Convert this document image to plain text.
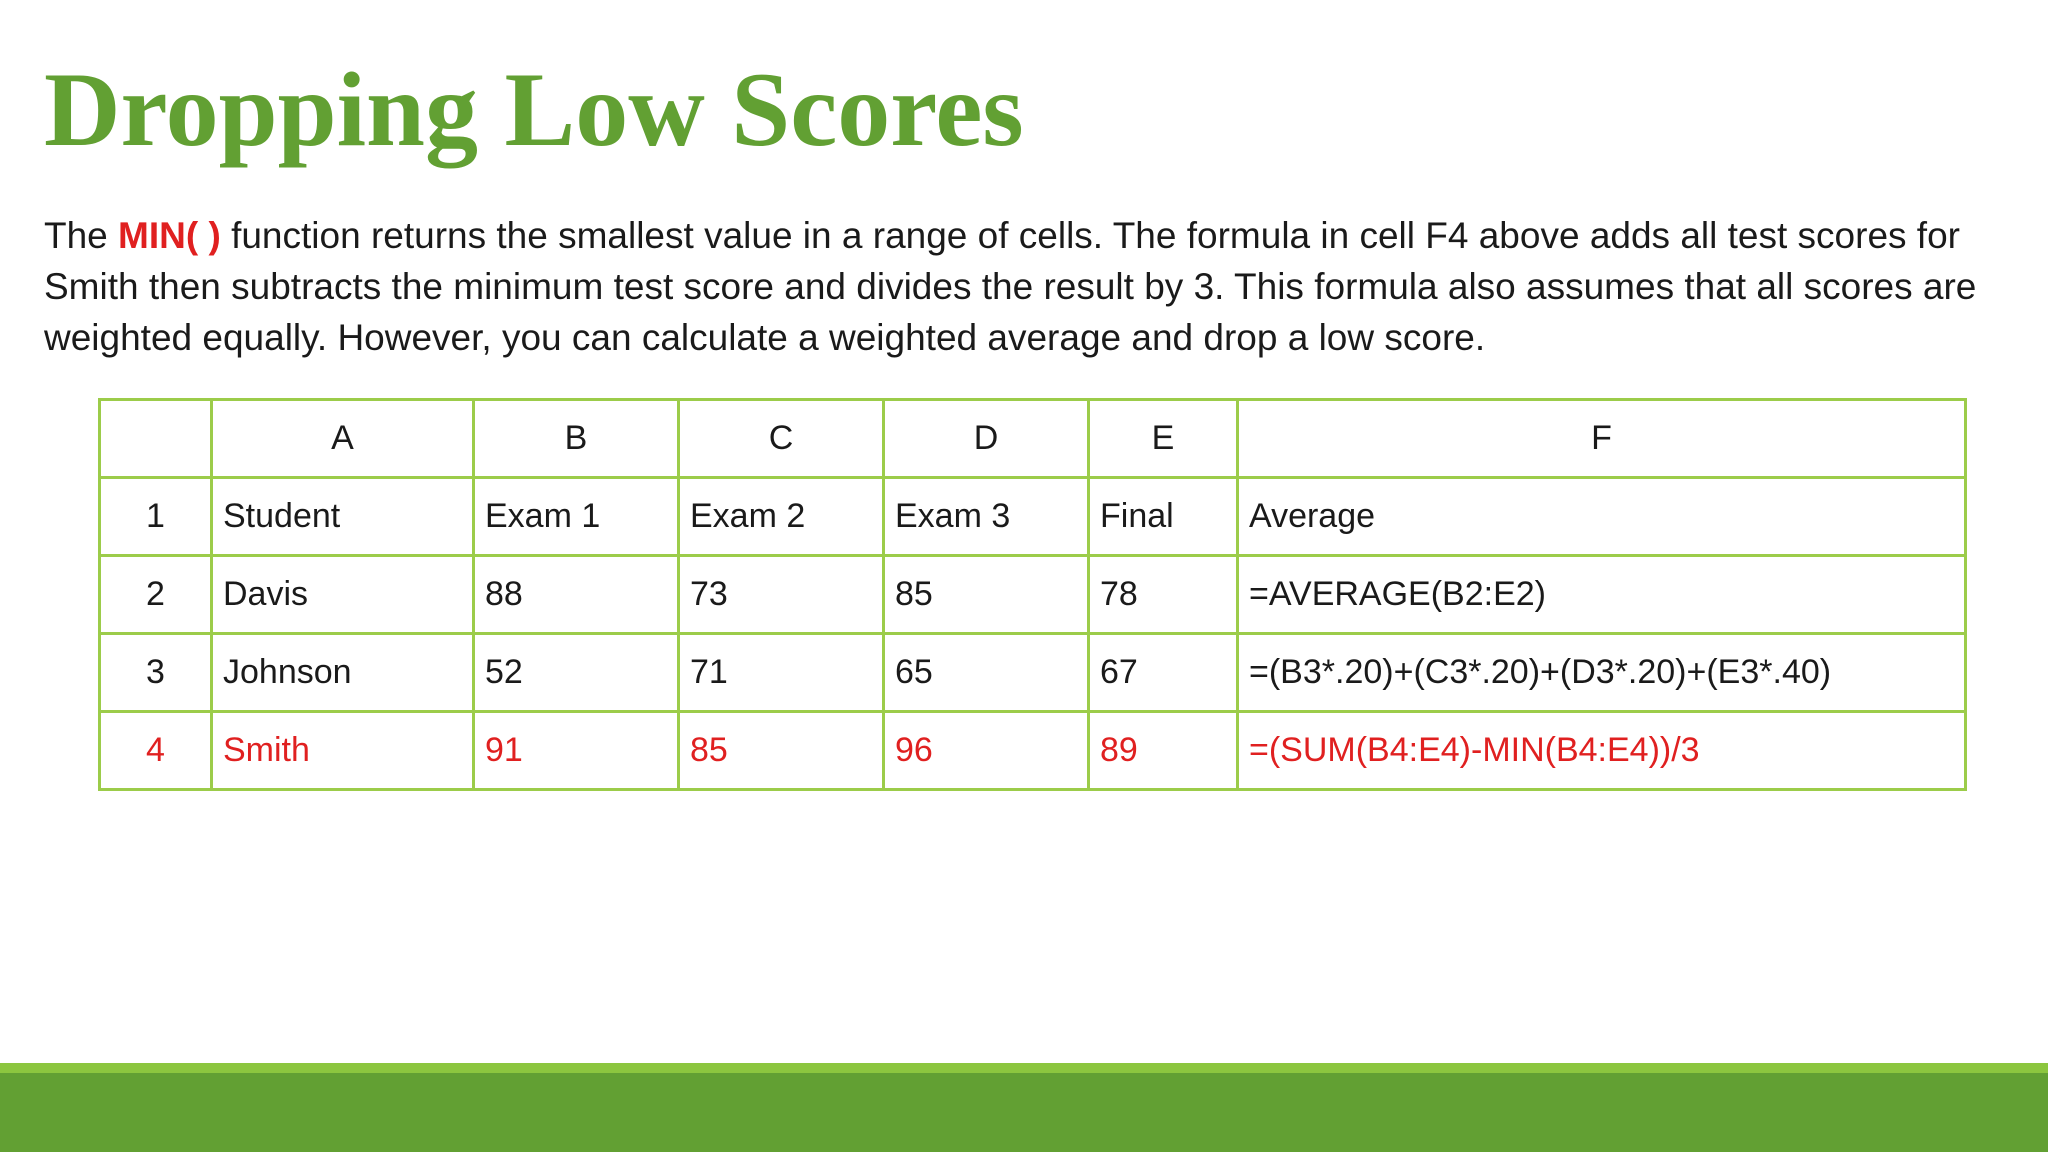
Dropping Low Scores

The MIN( ) function returns the smallest value in a range of cells. The formula in cell F4 above adds all test scores for Smith then subtracts the minimum test score and divides the result by 3. This formula also assumes that all scores are weighted equally. However, you can calculate a weighted average and drop a low score.

	A	B	C	D	E	F
1	Student	Exam 1	Exam 2	Exam 3	Final	Average
2	Davis	88	73	85	78	=AVERAGE(B2:E2)
3	Johnson	52	71	65	67	=(B3*.20)+(C3*.20)+(D3*.20)+(E3*.40)
4	Smith	91	85	96	89	=(SUM(B4:E4)-MIN(B4:E4))/3
